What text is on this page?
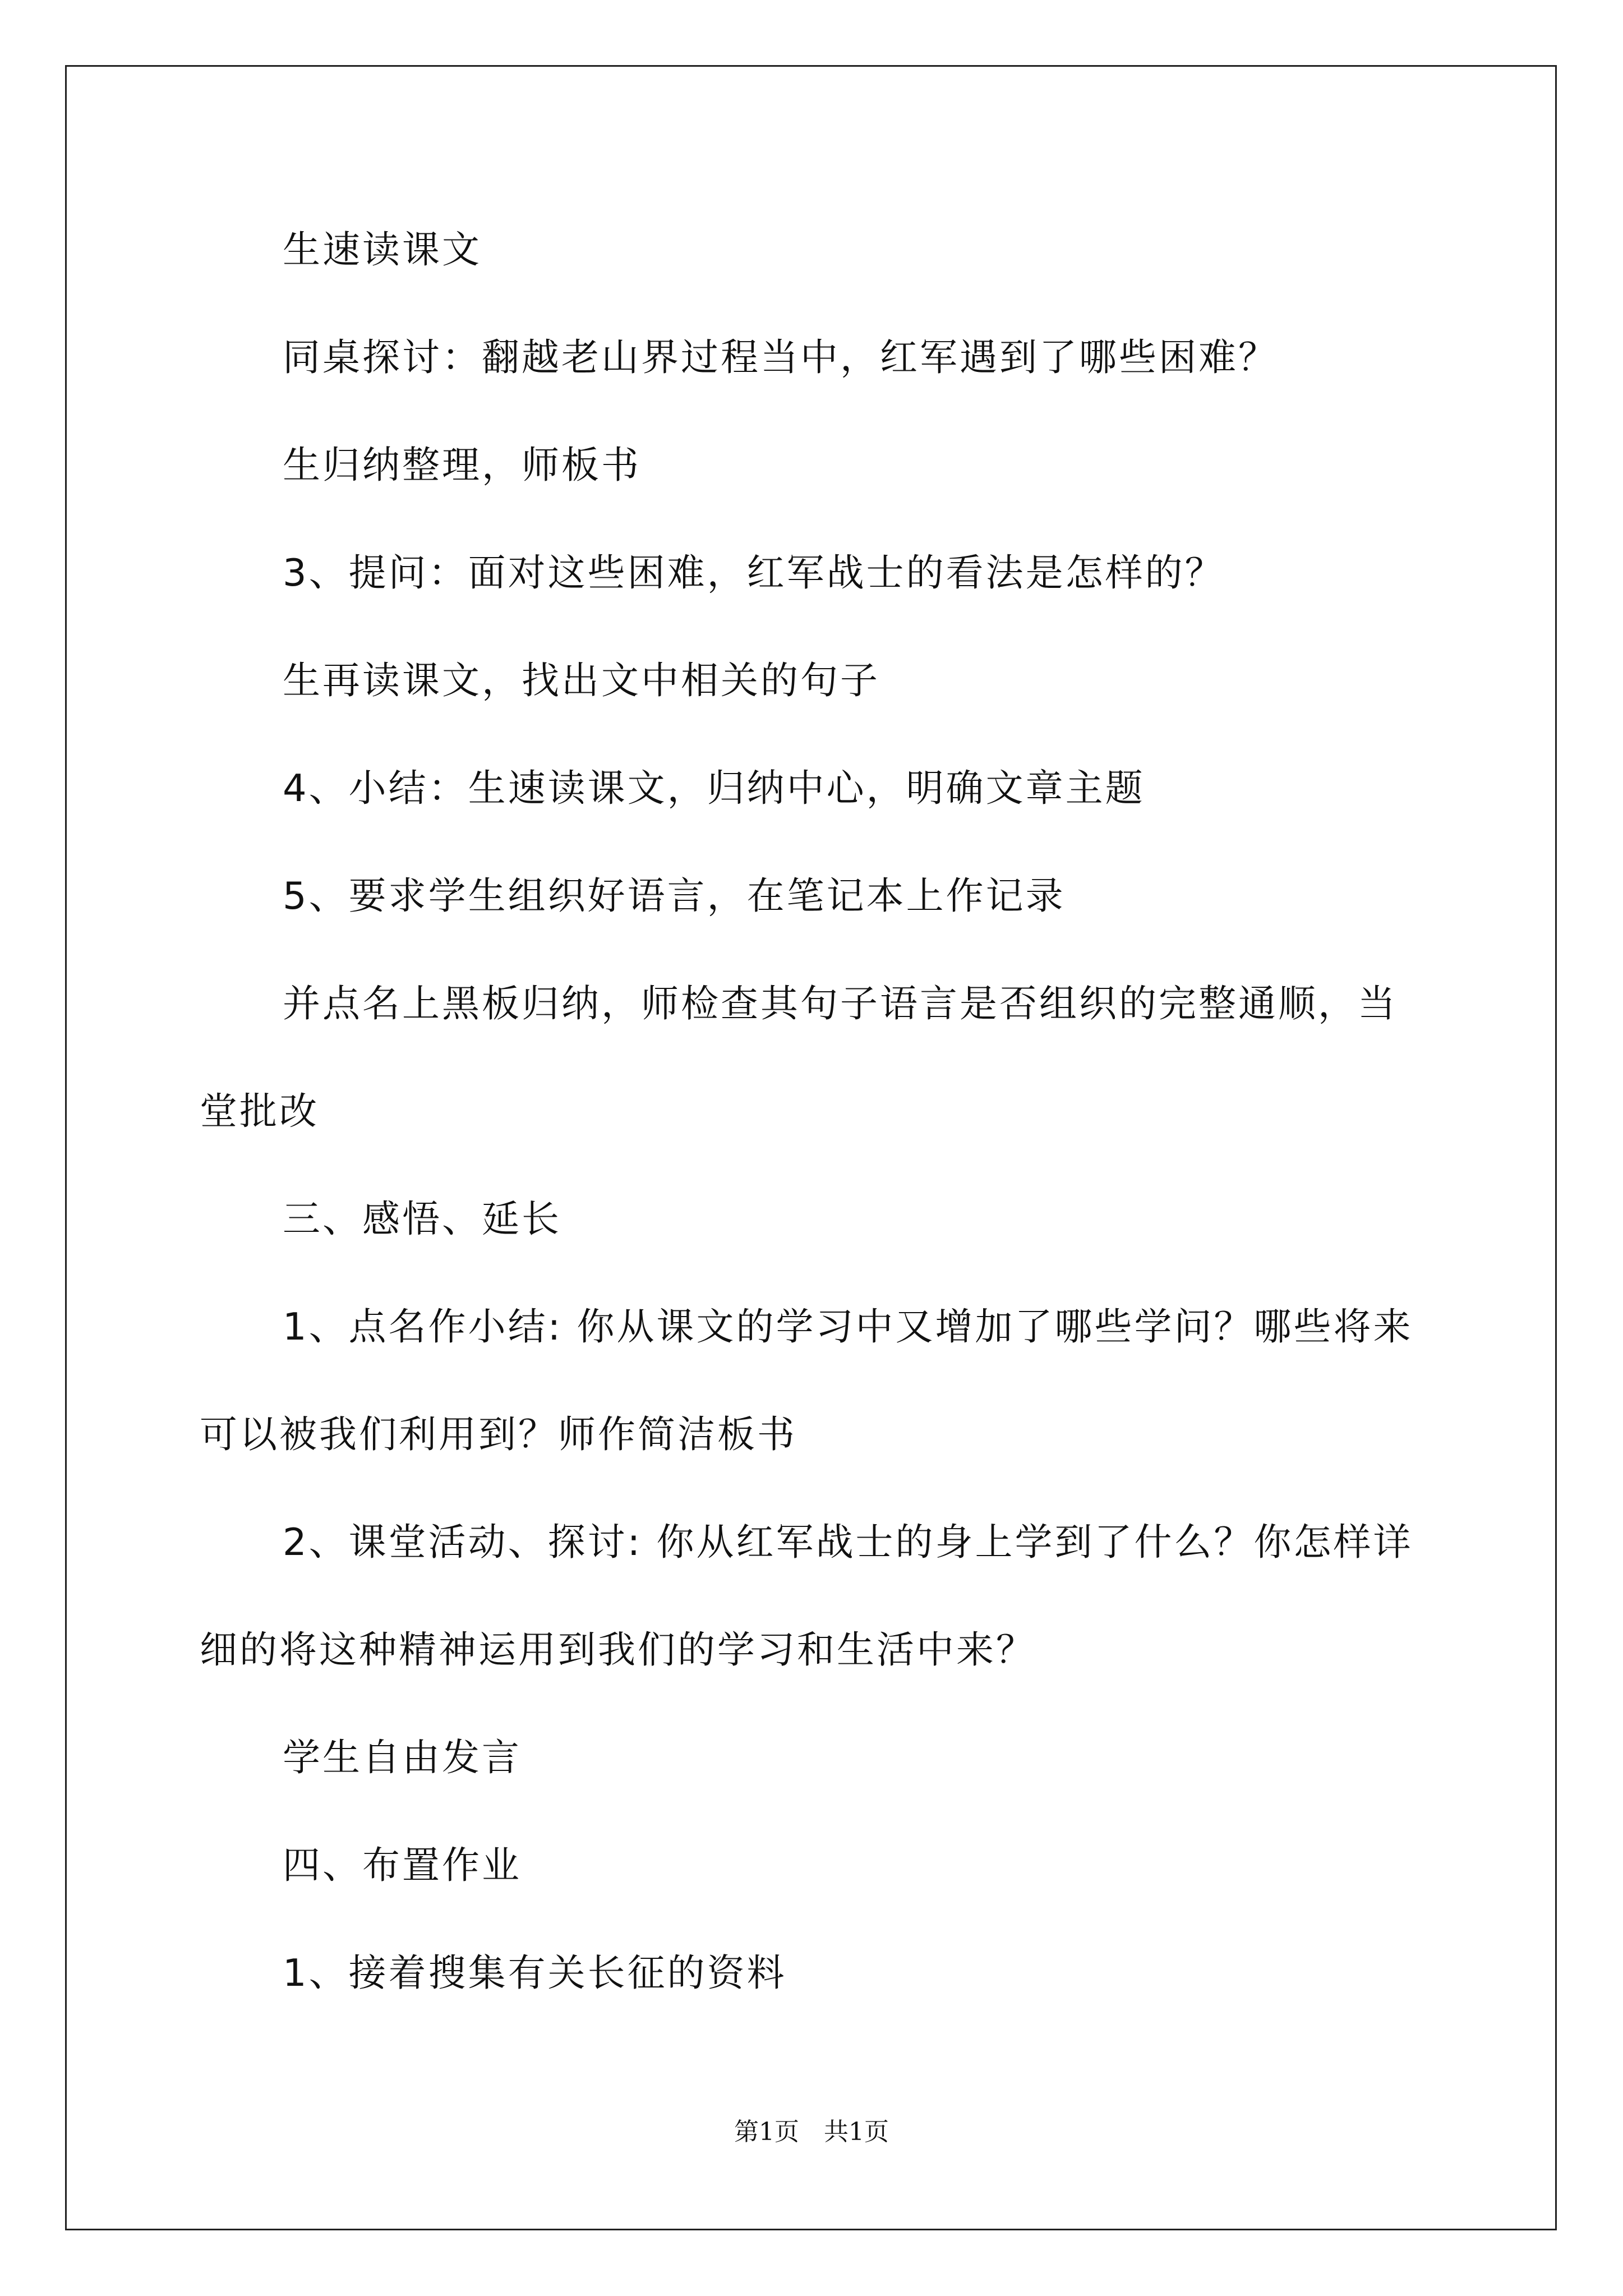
生速读课文
同桌探讨：翻越老山界过程当中，红军遇到了哪些困难？
生归纳整理，师板书
3、提问：面对这些困难，红军战士的看法是怎样的？
生再读课文，找出文中相关的句子
4、小结：生速读课文，归纳中心，明确文章主题
5、要求学生组织好语言，在笔记本上作记录
并点名上黑板归纳，师检查其句子语言是否组织的完整通顺，当
堂批改
三、感悟、延长
1、点名作小结: 你从课文的学习中又增加了哪些学问？哪些将来
可以被我们利用到？师作简洁板书
2、课堂活动、探讨: 你从红军战士的身上学到了什么？你怎样详
细的将这种精神运用到我们的学习和生活中来？
学生自由发言
四、布置作业
1、接着搜集有关长征的资料
第1页　共1页
